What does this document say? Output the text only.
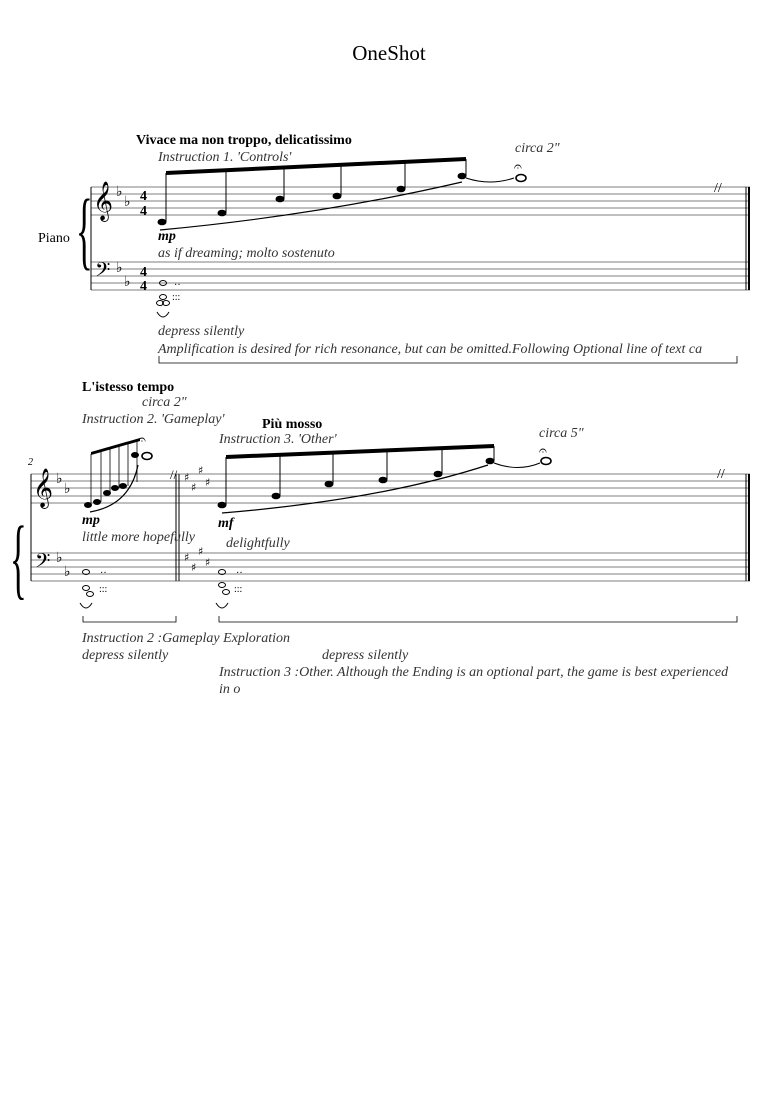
OneShot
Piano { 𝄞
𝄢
♭
♭
♭
♭
4
4
4
4
Vivace ma non troppo, delicatissimo
Instruction 1. 'Controls'
circa 2"
𝄐
//
mp
as if dreaming; molto sostenuto
··
:::
depress silently
Amplification is desired for rich resonance, but can be omitted.Following Optional line of text ca
2
{
𝄞
𝄢
♭
♭
♭
♭
♯
♯
♯
♯
♯
♯
♯
♯
L'istesso tempo
circa 2"
Instruction 2. 'Gameplay'	Più mosso
Instruction 3. 'Other'	circa 5"
𝄐
//
𝄐
//
mp
little more hopefully
mf
delightfully
··
:::
··
:::
Instruction 2 :Gameplay Exploration
depress silently	depress silently
Instruction 3 :Other. Although the Ending is an optional part, the game is best experienced in o
